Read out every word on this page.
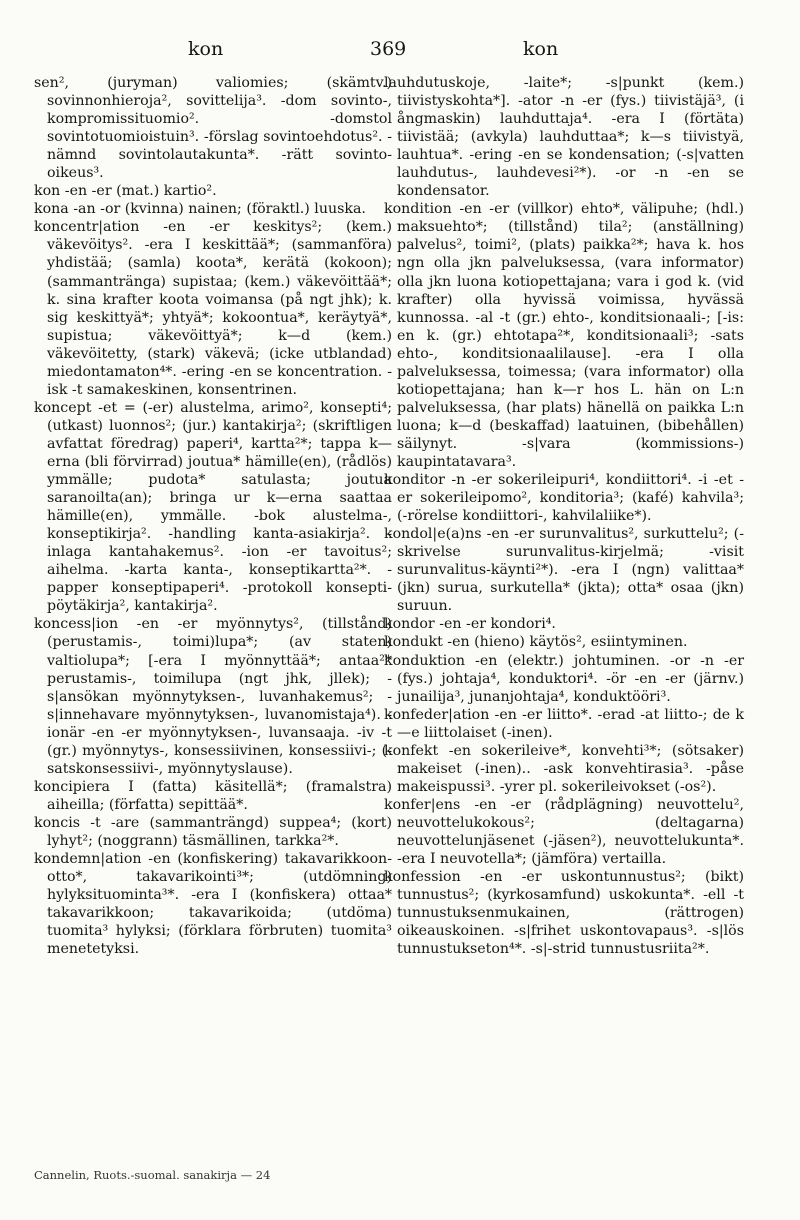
kon	369	kon

sen², (juryman) valiomies; (skämtv.) sovinnonhieroja², sovittelija³. -dom sovinto-, kompromissituomio². -domstol sovintotuomioistuin³. -förslag sovintoehdotus². -nämnd sovintolautakunta*. -rätt sovinto-oikeus³.

kon -en -er (mat.) kartio².

kona -an -or (kvinna) nainen; (föraktl.) luuska.

koncentr|ation -en -er keskitys²; (kem.) väkevöitys². -era I keskittää*; (sammanföra) yhdistää; (samla) koota*, kerätä (kokoon); (sammantränga) supistaa; (kem.) väkevöittää*; k. sina krafter koota voimansa (på ngt jhk); k. sig keskittyä*; yhtyä*; kokoontua*, keräytyä*, supistua; väkevöittyä*; k—d (kem.) väkevöitetty, (stark) väkevä; (icke utblandad) miedontamaton⁴*. -ering -en se koncentration. -isk -t samakeskinen, konsentrinen.

koncept -et = (-er) alustelma, arimo², konsepti⁴; (utkast) luonnos²; (jur.) kantakirja²; (skriftligen avfattat föredrag) paperi⁴, kartta²*; tappa k—erna (bli förvirrad) joutua* hämille(en), (rådlös) ymmälle; pudota* satulasta; joutua saranoilta(an); bringa ur k—erna saattaa hämille(en), ymmälle. -bok alustelma-, konseptikirja². -handling kanta-asiakirja². -inlaga kantahakemus². -ion -er tavoitus²; aihelma. -karta kanta-, konseptikartta²*. -papper konseptipaperi⁴. -protokoll konsepti-pöytäkirja², kantakirja².

koncess|ion -en -er myönnytys², (tillstånd) (perustamis-, toimi)lupa*; (av staten) valtiolupa*; [-era I myönnyttää*; antaa²* perustamis-, toimilupa (ngt jhk, jllek); -s|ansökan myönnytyksen-, luvanhakemus²; -s|innehavare myönnytyksen-, luvanomistaja⁴). -ionär -en -er myönnytyksen-, luvansaaja. -iv -t (gr.) myönnytys-, konsessiivinen, konsessiivi-; (-satskonsessiivi-, myönnytyslause).

koncipiera I (fatta) käsitellä*; (framalstra) aiheilla; (författa) sepittää*.

koncis -t -are (sammanträngd) suppea⁴; (kort) lyhyt²; (noggrann) täsmällinen, tarkka²*.

kondemn|ation -en (konfiskering) takavarikkoon-otto*, takavarikointi³*; (utdömning) hylyksituominta³*. -era I (konfiskera) ottaa* takavarikkoon; takavarikoida; (utdöma) tuomita³ hylyksi; (förklara förbruten) tuomita³ menetetyksi.

lauhdutuskoje, -laite*; -s|punkt (kem.) tiivistyskohta*]. -ator -n -er (fys.) tiivistäjä³, (i ångmaskin) lauhduttaja⁴. -era I (förtäta) tiivistää; (avkyla) lauhduttaa*; k—s tiivistyä, lauhtua*. -ering -en se kondensation; (-s|vatten lauhdutus-, lauhdevesi²*). -or -n -en se kondensator.

kondition -en -er (villkor) ehto*, välipuhe; (hdl.) maksuehto*; (tillstånd) tila²; (anställning) palvelus², toimi², (plats) paikka²*; hava k. hos ngn olla jkn palveluksessa, (vara informator) olla jkn luona kotiopettajana; vara i god k. (vid krafter) olla hyvissä voimissa, hyvässä kunnossa. -al -t (gr.) ehto-, konditsionaali-; [-is: en k. (gr.) ehtotapa²*, konditsionaali³; -sats ehto-, konditsionaalilause]. -era I olla palveluksessa, toimessa; (vara informator) olla kotiopettajana; han k—r hos L. hän on L:n palveluksessa, (har plats) hänellä on paikka L:n luona; k—d (beskaffad) laatuinen, (bibehållen) säilynyt. -s|vara (kommissions-) kaupintatavara³.

konditor -n -er sokerileipuri⁴, kondiittori⁴. -i -et -er sokerileipomo², konditoria³; (kafé) kahvila³; (-rörelse kondiittori-, kahvilaliike*).

kondol|e(a)ns -en -er surunvalitus², surkuttelu²; (-skrivelse surunvalitus-kirjelmä; -visit surunvalitus-käynti²*). -era I (ngn) valittaa* (jkn) surua, surkutella* (jkta); otta* osaa (jkn) suruun.

kondor -en -er kondori⁴.

kondukt -en (hieno) käytös², esiintyminen.

konduktion -en (elektr.) johtuminen. -or -n -er (fys.) johtaja⁴, konduktori⁴. -ör -en -er (järnv.) junailija³, junanjohtaja⁴, konduktööri³.

konfeder|ation -en -er liitto*. -erad -at liitto-; de k—e liittolaiset (-inen).

konfekt -en sokerileive*, konvehti³*; (sötsaker) makeiset (-inen).. -ask konvehtirasia³. -påse makeispussi³. -yrer pl. sokerileivokset (-os²).

konfer|ens -en -er (rådplägning) neuvottelu², neuvottelukokous²; (deltagarna) neuvottelunjäsenet (-jäsen²), neuvottelukunta*. -era I neuvotella*; (jämföra) vertailla.

konfession -en -er uskontunnustus²; (bikt) tunnustus²; (kyrkosamfund) uskokunta*. -ell -t tunnustuksenmukainen, (rättrogen) oikeauskoinen. -s|frihet uskontovapaus³. -s|lös tunnustukseton⁴*. -s|-strid tunnustusriita²*.

Cannelin, Ruots.-suomal. sanakirja — 24
